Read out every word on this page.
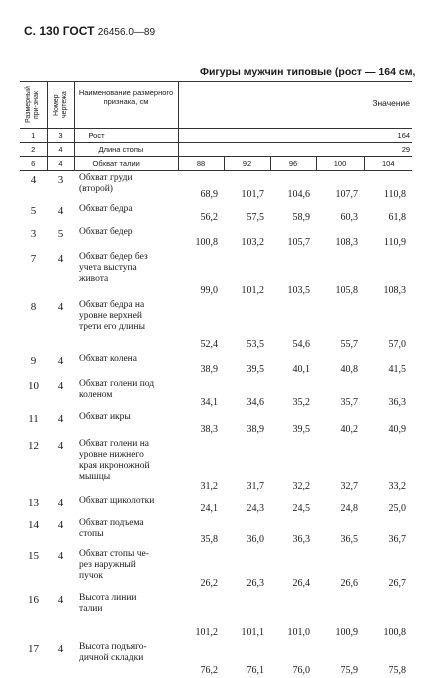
С. 130 ГОСТ 26456.0—89
Фигуры мужчин типовые (рост — 164 см,
Размерный при-знак	Номер чертежа	Наименование размерного признака, см	Значение				

1	3	Рост	164				
2	4	Длина стопы	29				
6	4	Обхват талии	88	92	96	100	104
4	3	Обхват груди
(второй)	68,9	101,7	104,6	107,7	110,8
5	4	Обхват бедра	56,2	57,5	58,9	60,3	61,8
3	5	Обхват бедер	100,8	103,2	105,7	108,3	110,9
7	4	Обхват бедер без
учета выступа
живота	99,0	101,2	103,5	105,8	108,3
8	4	Обхват бедра на
уровне верхней
трети его длины	52,4	53,5	54,6	55,7	57,0
9	4	Обхват колена	38,9	39,5	40,1	40,8	41,5
10	4	Обхват голени под
коленом	34,1	34,6	35,2	35,7	36,3
11	4	Обхват икры	38,3	38,9	39,5	40,2	40,9
12	4	Обхват голени на
уровне нижнего
края икроножной
мышцы	31,2	31,7	32,2	32,7	33,2
13	4	Обхват щиколотки	24,1	24,3	24,5	24,8	25,0
14	4	Обхват подъема
стопы	35,8	36,0	36,3	36,5	36,7
15	4	Обхват стопы че-
рез наружный
пучок	26,2	26,3	26,4	26,6	26,7
16	4	Высота линии
талии	101,2	101,1	101,0	100,9	100,8
17	4	Высота подъяго-
дичной складки	76,2	76,1	76,0	75,9	75,8
